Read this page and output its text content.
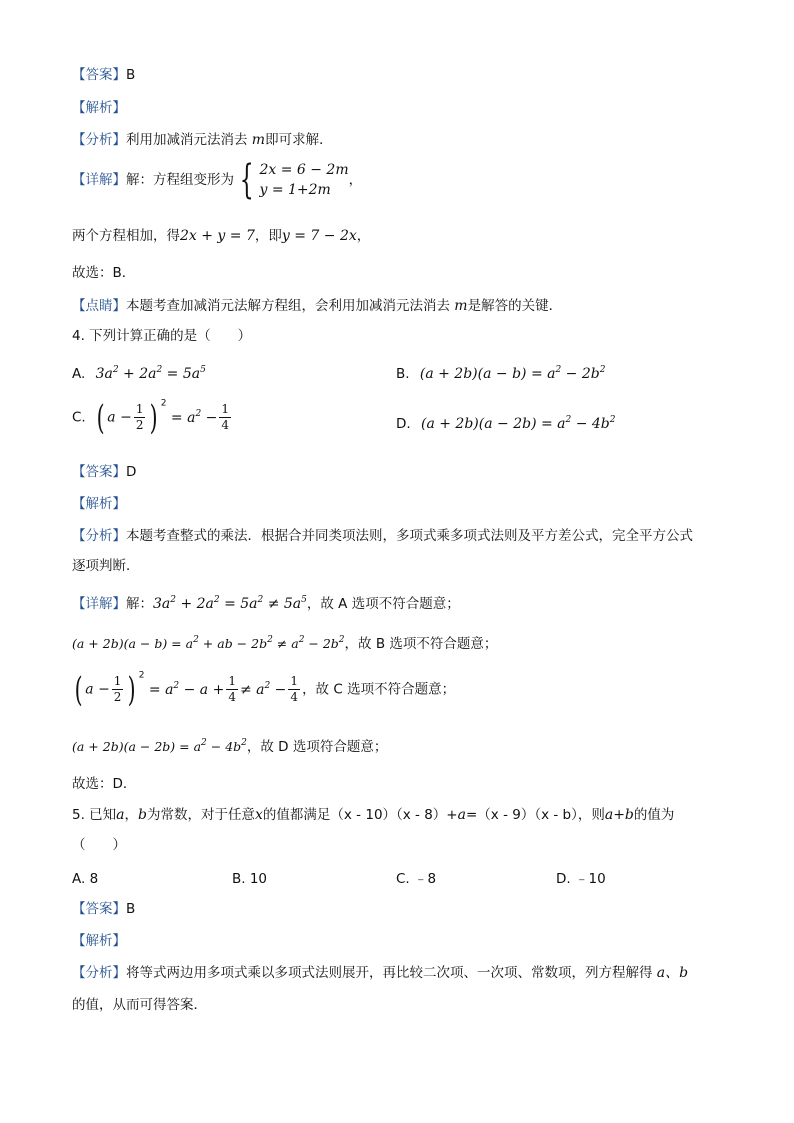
【答案】B
【解析】
【分析】利用加减消元法消去 m即可求解．
【详解】解：方程组变形为 { 2x = 6 − 2m
y = 1+2m
，
两个方程相加，得2x + y = 7，即y = 7 − 2x，
故选：B．
【点睛】本题考查加减消元法解方程组，会利用加减消元法消去 m是解答的关键．
4. 下列计算正确的是（　　）
A. $3a^2 + 2a^2 = 5a^5$	B. $(a + 2b)(a - b) = a^2 - 2b^2$
C. ( $a - \frac{1}{2}$ ) $^2 = a^2 - \frac{1}{4}$	D. $(a + 2b)(a - 2b) = a^2 - 4b^2$
【答案】D
【解析】
【分析】本题考查整式的乘法．根据合并同类项法则，多项式乘多项式法则及平方差公式，完全平方公式
逐项判断．
【详解】解：$3a^2 + 2a^2 = 5a^2 \ne 5a^5$，故 A 选项不符合题意；
$(a + 2b)(a - b) = a^2$ + ab − $2b^2 \ne a^2 - 2b^2$，故 B 选项不符合题意；
( $a - \frac{1}{2}$ ) $^2 = a^2 - a + \frac{1}{4} \ne a^2 - \frac{1}{4}$ ，故 C 选项不符合题意；
$(a + 2b)(a - 2b) = a^2 - 4b^2$，故 D 选项符合题意；
故选：D．
5. 已知a，b为常数，对于任意x的值都满足（x - 10）（x - 8）+a=（x - 9）（x - b），则a+b的值为
（　　）
A. 8	B. 10	C. ﹣8	D. ﹣10
【答案】B
【解析】
【分析】将等式两边用多项式乘以多项式法则展开，再比较二次项、一次项、常数项，列方程解得 a、b
的值，从而可得答案．
